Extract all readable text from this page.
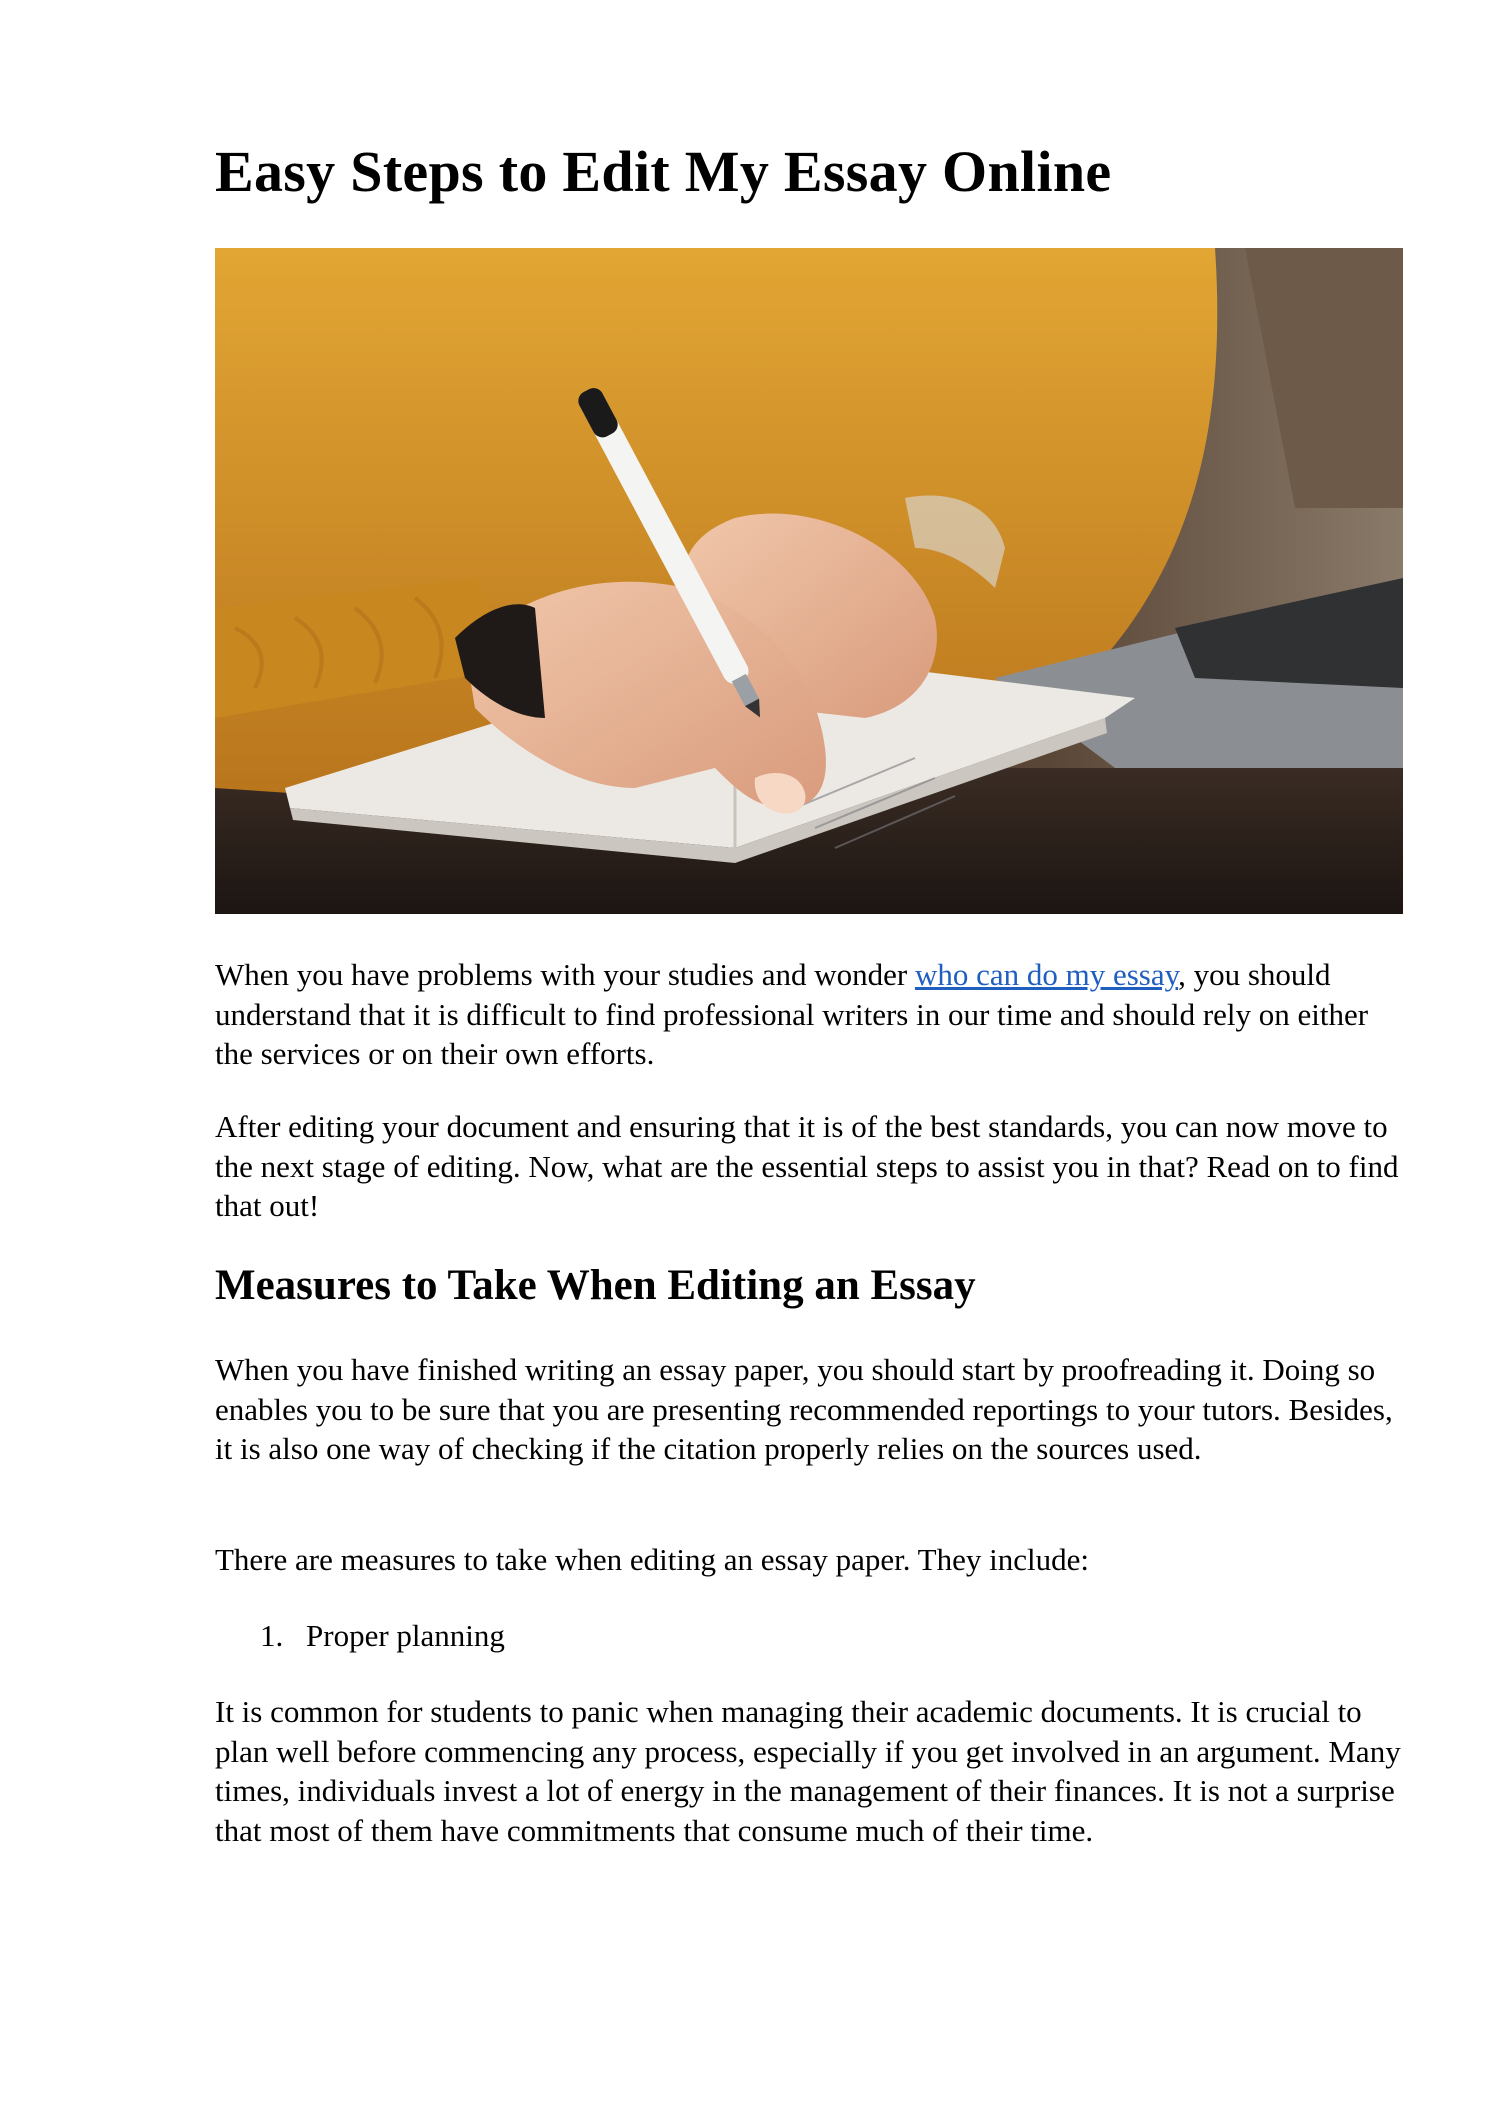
Easy Steps to Edit My Essay Online

When you have problems with your studies and wonder who can do my essay, you should understand that it is difficult to find professional writers in our time and should rely on either the services or on their own efforts.

After editing your document and ensuring that it is of the best standards, you can now move to the next stage of editing. Now, what are the essential steps to assist you in that? Read on to find that out!

Measures to Take When Editing an Essay

When you have finished writing an essay paper, you should start by proofreading it. Doing so enables you to be sure that you are presenting recommended reportings to your tutors. Besides, it is also one way of checking if the citation properly relies on the sources used.

There are measures to take when editing an essay paper. They include:

1. Proper planning

It is common for students to panic when managing their academic documents. It is crucial to plan well before commencing any process, especially if you get involved in an argument. Many times, individuals invest a lot of energy in the management of their finances. It is not a surprise that most of them have commitments that consume much of their time.
